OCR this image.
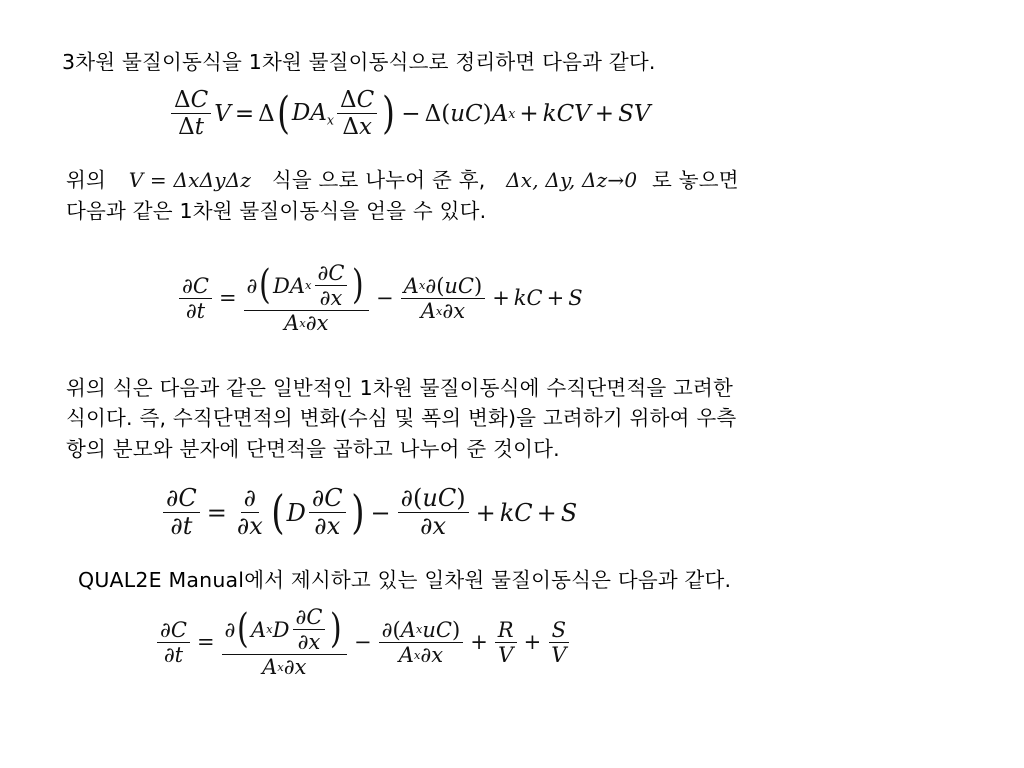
3차원 물질이동식을 1차원 물질이동식으로 정리하면 다음과 같다.
$\frac{\text{Δ C}}{\text{Δ t}}$ V = Δ ( $DA_x \frac{\text{Δ C}}{\text{Δ x}}$ ) − Δ ( uC ) A x + kCV + SV
위의 V = ΔxΔyΔz 식을 으로 나누어 준 후, Δx, Δy, Δz→0 로 놓으면
다음과 같은 1차원 물질이동식을 얻을 수 있다.
$\frac{\partial C}{\partial t} = \frac{\partial ( DA x \frac{\partial C}{\partial x} )}{\text{A x ∂x}} - \frac{\text{A x ∂ ( uC )}}{\text{A x ∂x}}$ + kC + S
위의 식은 다음과 같은 일반적인 1차원 물질이동식에 수직단면적을 고려한
식이다. 즉, 수직단면적의 변화(수심 및 폭의 변화)을 고려하기 위하여 우측
항의 분모와 분자에 단면적을 곱하고 나누어 준 것이다.
$\frac{\partial C}{\partial t} = \frac{\partial}{\partial x}$ ( D $\frac{\partial C}{\partial x}$ ) − $\frac{\partial ( uC )}{\partial x}$ + kC + S
QUAL2E Manual에서 제시하고 있는 일차원 물질이동식은 다음과 같다.
$\frac{\partial C}{\partial t} = \frac{\partial ( A x D \frac{\partial C}{\partial x} )}{\text{A x ∂x}} - \frac{\text{∂ ( A x uC )}}{\text{A x ∂x}} + \frac{R}{V} + \frac{S}{V}$
